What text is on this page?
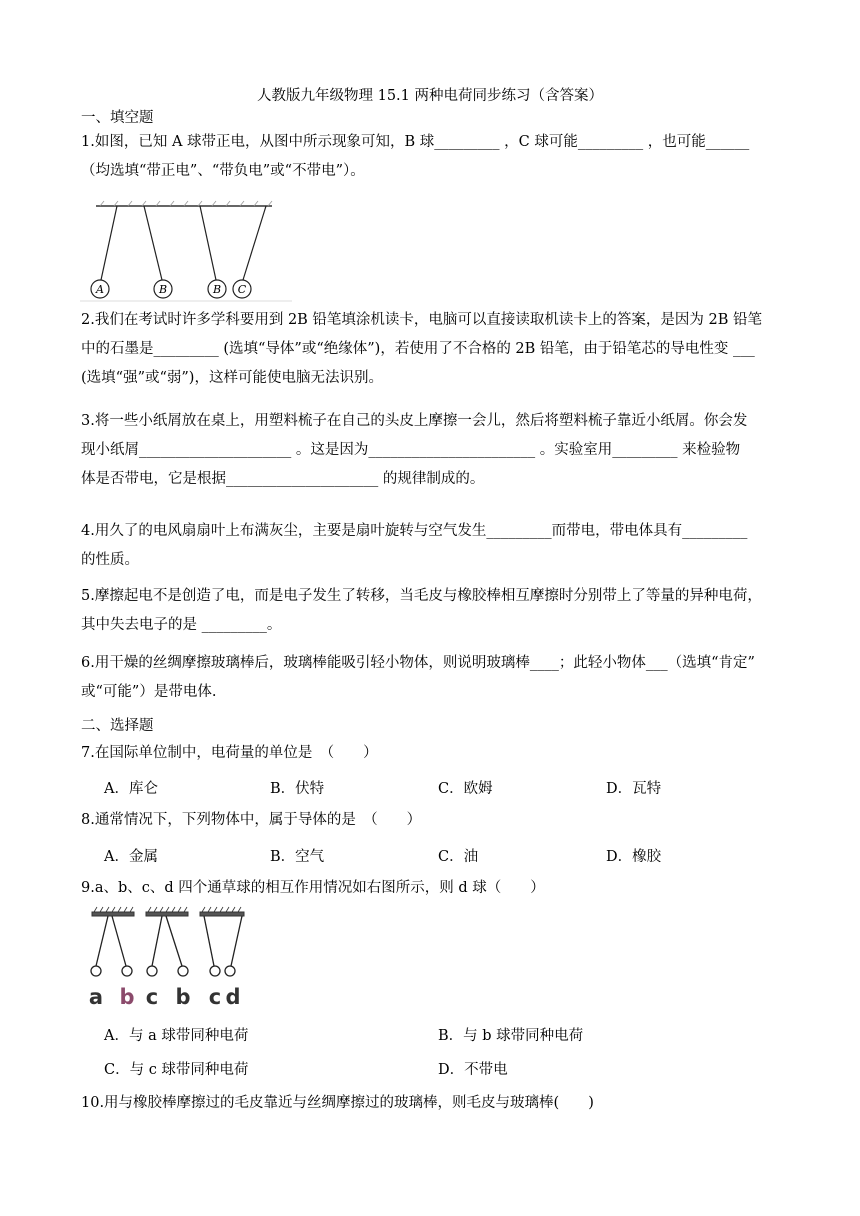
人教版九年级物理 15.1 两种电荷同步练习（含答案）
一、填空题
1.如图，已知 A 球带正电，从图中所示现象可知，B 球_________ ，C 球可能_________ ，也可能______
（均选填“带正电”、“带负电”或“不带电”）。
A	B	B C
2.我们在考试时许多学科要用到 2B 铅笔填涂机读卡，电脑可以直接读取机读卡上的答案，是因为 2B 铅笔
中的石墨是_________ (选填“导体”或“绝缘体”)，若使用了不合格的 2B 铅笔，由于铅笔芯的导电性变 ___
(选填“强”或“弱”)，这样可能使电脑无法识别。
3.将一些小纸屑放在桌上，用塑料梳子在自己的头皮上摩擦一会儿，然后将塑料梳子靠近小纸屑。你会发
现小纸屑_____________________ 。这是因为_______________________ 。实验室用_________ 来检验物
体是否带电，它是根据_____________________ 的规律制成的。
4.用久了的电风扇扇叶上布满灰尘，主要是扇叶旋转与空气发生_________而带电，带电体具有_________
的性质。
5.摩擦起电不是创造了电，而是电子发生了转移，当毛皮与橡胶棒相互摩擦时分别带上了等量的异种电荷，
其中失去电子的是 _________。
6.用干燥的丝绸摩擦玻璃棒后，玻璃棒能吸引轻小物体，则说明玻璃棒____；此轻小物体___（选填“肯定”
或“可能”）是带电体.
二、选择题
7.在国际单位制中，电荷量的单位是　（　　）
A．库仑	B．伏特	C．欧姆	D．瓦特
8.通常情况下，下列物体中，属于导体的是　（　　）
A．金属	B．空气	C．油	D．橡胶
9.a、b、c、d 四个通草球的相互作用情况如右图所示，则 d 球（　　）
a b c b c d
A．与 a 球带同种电荷	B．与 b 球带同种电荷
C．与 c 球带同种电荷	D．不带电
10.用与橡胶棒摩擦过的毛皮靠近与丝绸摩擦过的玻璃棒，则毛皮与玻璃棒(　　)
